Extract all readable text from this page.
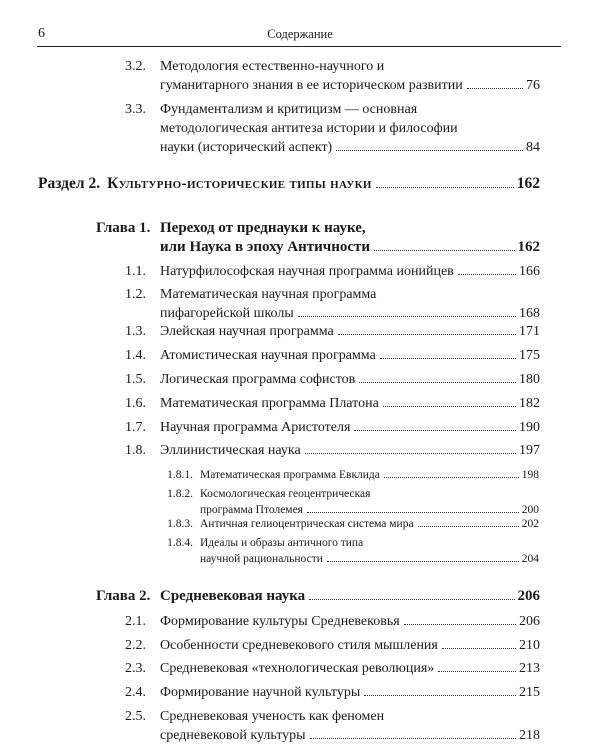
6	Содержание
3.2. Методология естественно-научного и
гуманитарного знания в ее историческом развитии	76
3.3. Фундаментализм и критицизм — основная
методологическая антитеза истории и философии
науки (исторический аспект)	84
Раздел 2. Культурно-исторические типы науки	162
Глава 1. Переход от преднауки к науке,
или Наука в эпоху Античности	162
1.1. Натурфилософская научная программа ионийцев	166
1.2. Математическая научная программа
пифагорейской школы	168
1.3. Элейская научная программа	171
1.4. Атомистическая научная программа	175
1.5. Логическая программа софистов	180
1.6. Математическая программа Платона	182
1.7. Научная программа Аристотеля	190
1.8. Эллинистическая наука	197
1.8.1. Математическая программа Евклида	198
1.8.2. Космологическая геоцентрическая
программа Птолемея	200
1.8.3. Античная гелиоцентрическая система мира	202
1.8.4. Идеалы и образы античного типа
научной рациональности	204
Глава 2. Средневековая наука	206
2.1. Формирование культуры Средневековья	206
2.2. Особенности средневекового стиля мышления	210
2.3. Средневековая «технологическая революция»	213
2.4. Формирование научной культуры	215
2.5. Средневековая ученость как феномен
средневековой культуры	218
